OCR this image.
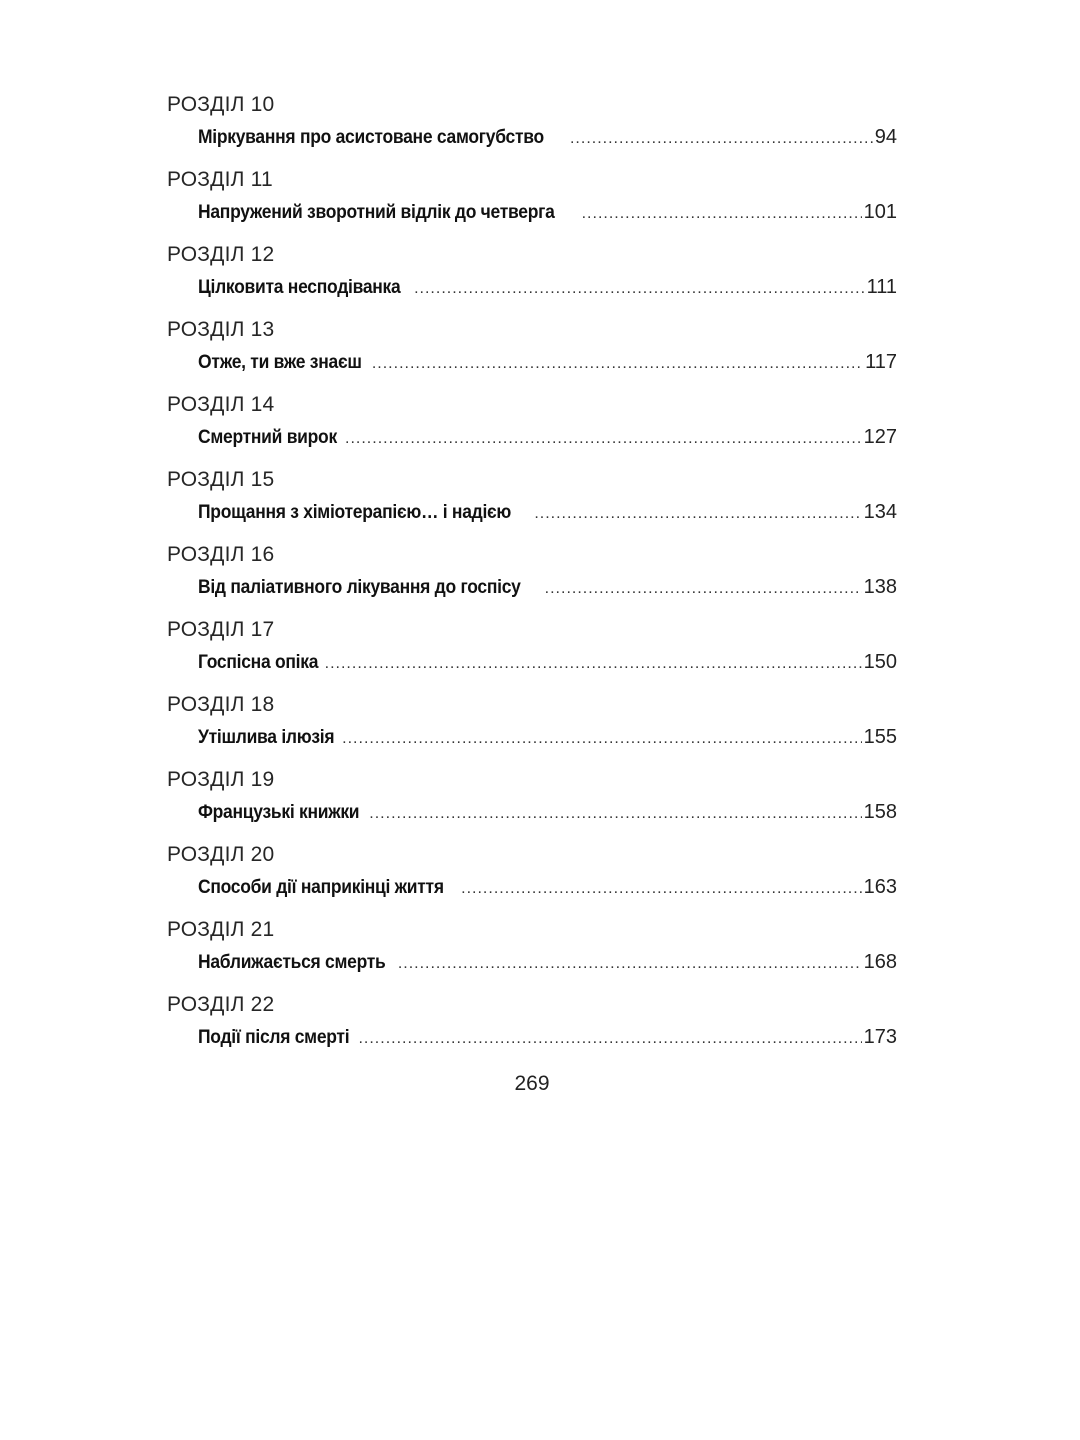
РОЗДІЛ 10
Міркування про асистоване самогубство .....	94
РОЗДІЛ 11
Напружений зворотний відлік до четверга .....	101
РОЗДІЛ 12
Цілковита несподіванка .....	111
РОЗДІЛ 13
Отже, ти вже знаєш .....	117
РОЗДІЛ 14
Смертний вирок .....	127
РОЗДІЛ 15
Прощання з хіміотерапією… і надією .....	134
РОЗДІЛ 16
Від паліативного лікування до госпісу .....	138
РОЗДІЛ 17
Госпісна опіка .....	150
РОЗДІЛ 18
Утішлива ілюзія .....	155
РОЗДІЛ 19
Французькі книжки .....	158
РОЗДІЛ 20
Способи дії наприкінці життя .....	163
РОЗДІЛ 21
Наближається смерть .....	168
РОЗДІЛ 22
Події після смерті .....	173
269
